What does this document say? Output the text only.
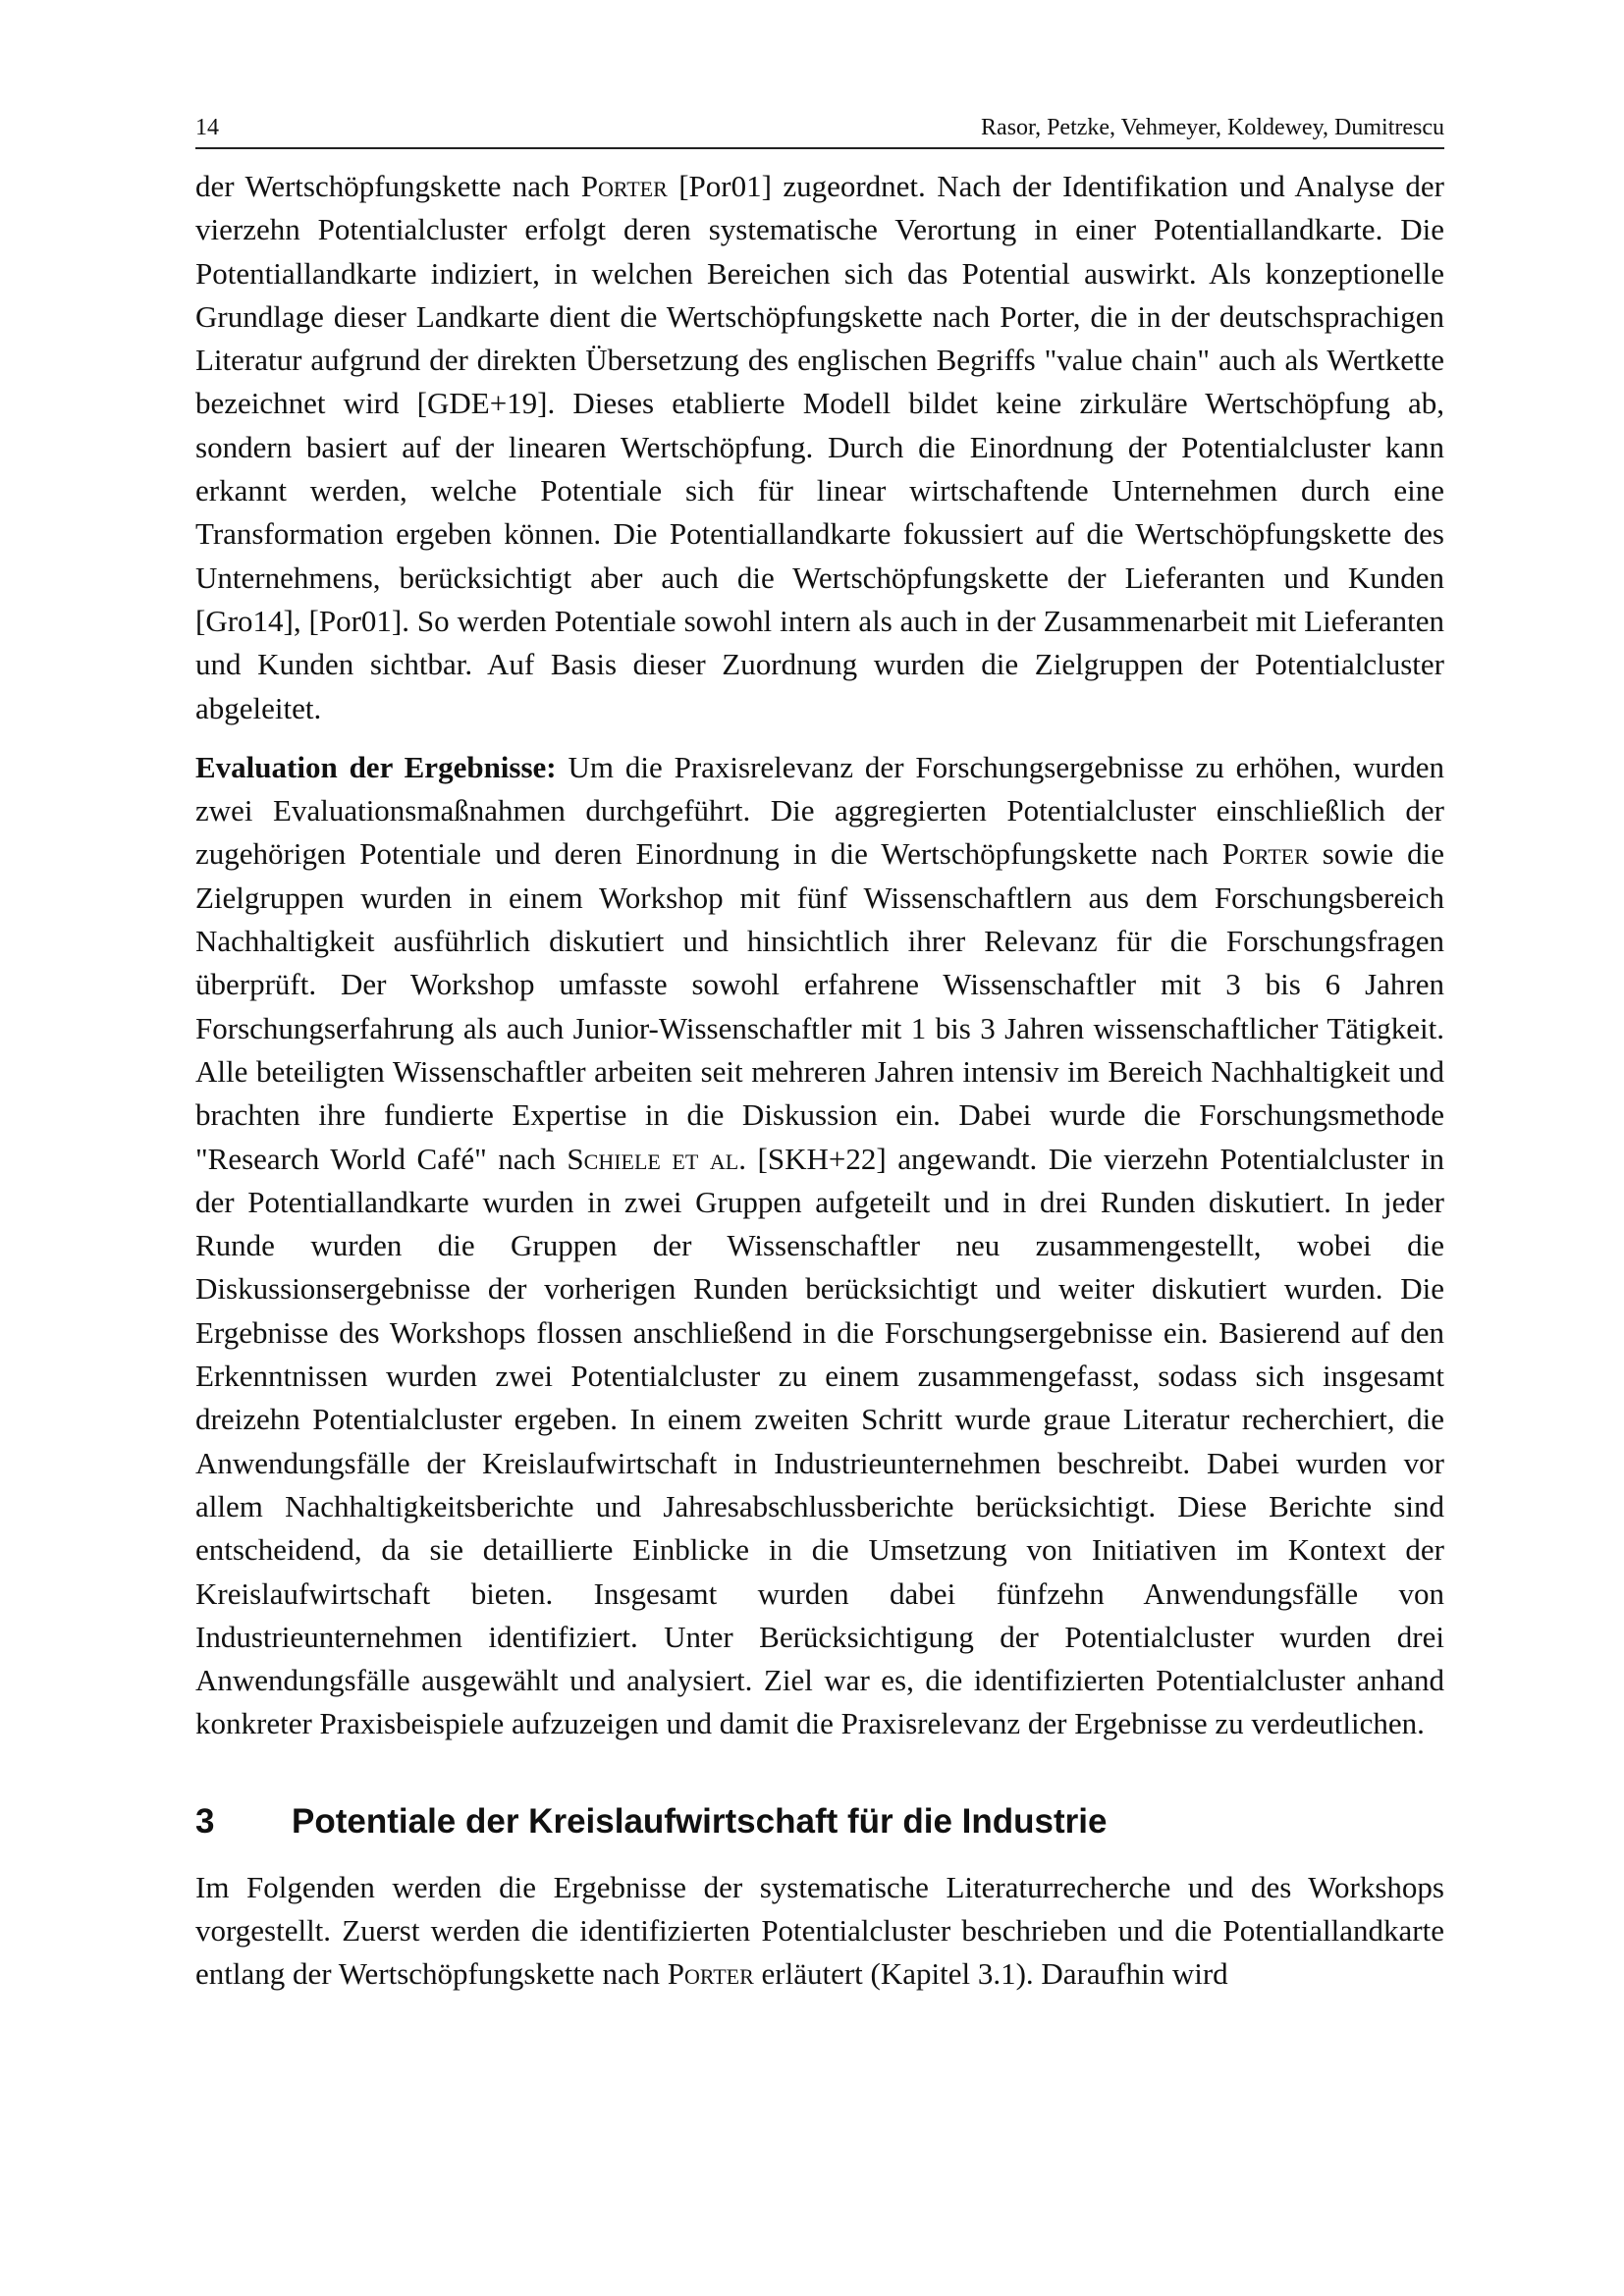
14	Rasor, Petzke, Vehmeyer, Koldewey, Dumitrescu

der Wertschöpfungskette nach Porter [Por01] zugeordnet. Nach der Identifikation und Analyse der vierzehn Potentialcluster erfolgt deren systematische Verortung in einer Potentiallandkarte. Die Potentiallandkarte indiziert, in welchen Bereichen sich das Potential auswirkt. Als konzeptionelle Grundlage dieser Landkarte dient die Wertschöpfungskette nach Porter, die in der deutschsprachigen Literatur aufgrund der direkten Übersetzung des englischen Begriffs "value chain" auch als Wertkette bezeichnet wird [GDE+19]. Dieses etablierte Modell bildet keine zirkuläre Wertschöpfung ab, sondern basiert auf der linearen Wertschöpfung. Durch die Einordnung der Potentialcluster kann erkannt werden, welche Potentiale sich für linear wirtschaftende Unternehmen durch eine Transformation ergeben können. Die Potentiallandkarte fokussiert auf die Wertschöpfungskette des Unternehmens, berücksichtigt aber auch die Wertschöpfungskette der Lieferanten und Kunden [Gro14], [Por01]. So werden Potentiale sowohl intern als auch in der Zusammenarbeit mit Lieferanten und Kunden sichtbar. Auf Basis dieser Zuordnung wurden die Zielgruppen der Potentialcluster abgeleitet.

Evaluation der Ergebnisse: Um die Praxisrelevanz der Forschungsergebnisse zu erhöhen, wurden zwei Evaluationsmaßnahmen durchgeführt. Die aggregierten Potentialcluster einschließlich der zugehörigen Potentiale und deren Einordnung in die Wertschöpfungskette nach Porter sowie die Zielgruppen wurden in einem Workshop mit fünf Wissenschaftlern aus dem Forschungsbereich Nachhaltigkeit ausführlich diskutiert und hinsichtlich ihrer Relevanz für die Forschungsfragen überprüft. Der Workshop umfasste sowohl erfahrene Wissenschaftler mit 3 bis 6 Jahren Forschungserfahrung als auch Junior-Wissenschaftler mit 1 bis 3 Jahren wissenschaftlicher Tätigkeit. Alle beteiligten Wissenschaftler arbeiten seit mehreren Jahren intensiv im Bereich Nachhaltigkeit und brachten ihre fundierte Expertise in die Diskussion ein. Dabei wurde die Forschungsmethode "Research World Café" nach Schiele et al. [SKH+22] angewandt. Die vierzehn Potentialcluster in der Potentiallandkarte wurden in zwei Gruppen aufgeteilt und in drei Runden diskutiert. In jeder Runde wurden die Gruppen der Wissenschaftler neu zusammengestellt, wobei die Diskussionsergebnisse der vorherigen Runden berücksichtigt und weiter diskutiert wurden. Die Ergebnisse des Workshops flossen anschließend in die Forschungsergebnisse ein. Basierend auf den Erkenntnissen wurden zwei Potentialcluster zu einem zusammengefasst, sodass sich insgesamt dreizehn Potentialcluster ergeben. In einem zweiten Schritt wurde graue Literatur recherchiert, die Anwendungsfälle der Kreislaufwirtschaft in Industrieunternehmen beschreibt. Dabei wurden vor allem Nachhaltigkeitsberichte und Jahresabschlussberichte berücksichtigt. Diese Berichte sind entscheidend, da sie detaillierte Einblicke in die Umsetzung von Initiativen im Kontext der Kreislaufwirtschaft bieten. Insgesamt wurden dabei fünfzehn Anwendungsfälle von Industrieunternehmen identifiziert. Unter Berücksichtigung der Potentialcluster wurden drei Anwendungsfälle ausgewählt und analysiert. Ziel war es, die identifizierten Potentialcluster anhand konkreter Praxisbeispiele aufzuzeigen und damit die Praxisrelevanz der Ergebnisse zu verdeutlichen.

3	Potentiale der Kreislaufwirtschaft für die Industrie

Im Folgenden werden die Ergebnisse der systematische Literaturrecherche und des Workshops vorgestellt. Zuerst werden die identifizierten Potentialcluster beschrieben und die Potentiallandkarte entlang der Wertschöpfungskette nach Porter erläutert (Kapitel 3.1). Daraufhin wird
